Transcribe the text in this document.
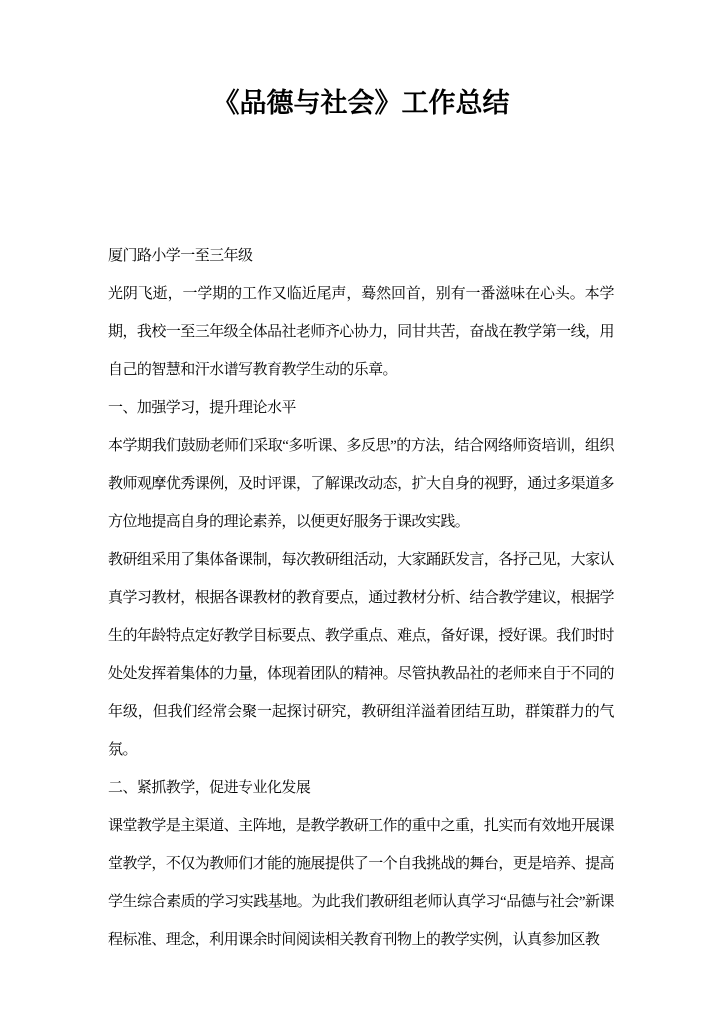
《品德与社会》工作总结

厦门路小学一至三年级

光阴飞逝，一学期的工作又临近尾声，蓦然回首，别有一番滋味在心头。本学期，我校一至三年级全体品社老师齐心协力，同甘共苦，奋战在教学第一线，用自己的智慧和汗水谱写教育教学生动的乐章。

一、加强学习，提升理论水平

本学期我们鼓励老师们采取“多听课、多反思”的方法，结合网络师资培训，组织教师观摩优秀课例，及时评课，了解课改动态，扩大自身的视野，通过多渠道多方位地提高自身的理论素养，以便更好服务于课改实践。

教研组采用了集体备课制，每次教研组活动，大家踊跃发言，各抒己见，大家认真学习教材，根据各课教材的教育要点，通过教材分析、结合教学建议，根据学生的年龄特点定好教学目标要点、教学重点、难点，备好课，授好课。我们时时处处发挥着集体的力量，体现着团队的精神。尽管执教品社的老师来自于不同的年级，但我们经常会聚一起探讨研究，教研组洋溢着团结互助，群策群力的气氛。

二、紧抓教学，促进专业化发展

课堂教学是主渠道、主阵地，是教学教研工作的重中之重，扎实而有效地开展课堂教学，不仅为教师们才能的施展提供了一个自我挑战的舞台，更是培养、提高学生综合素质的学习实践基地。为此我们教研组老师认真学习“品德与社会”新课程标准、理念，利用课余时间阅读相关教育刊物上的教学实例，认真参加区教
